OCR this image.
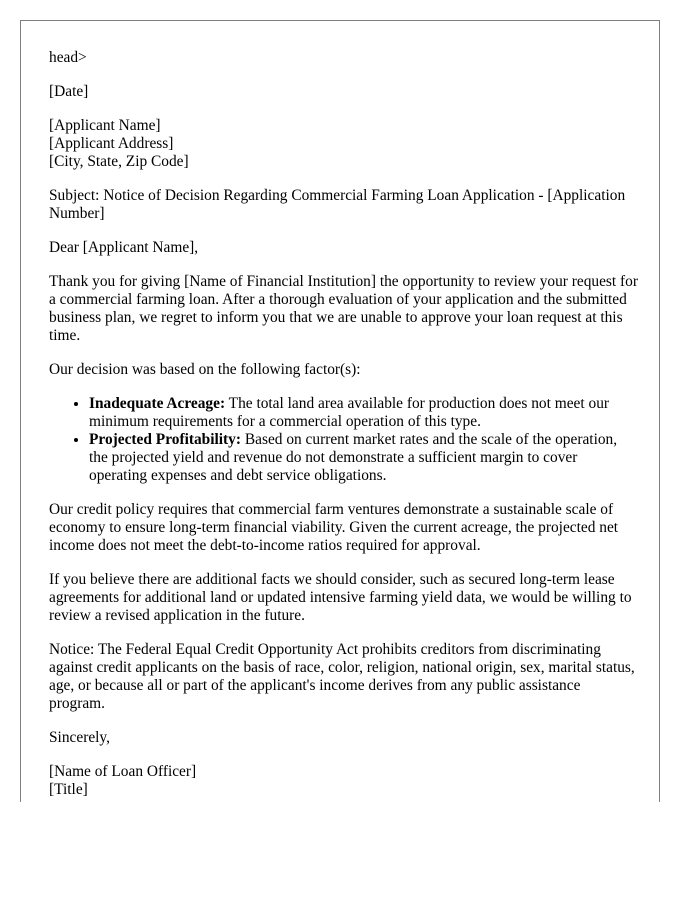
head>

[Date]

[Applicant Name]
[Applicant Address]
[City, State, Zip Code]

Subject: Notice of Decision Regarding Commercial Farming Loan Application - [Application Number]

Dear [Applicant Name],

Thank you for giving [Name of Financial Institution] the opportunity to review your request for a commercial farming loan. After a thorough evaluation of your application and the submitted business plan, we regret to inform you that we are unable to approve your loan request at this time.

Our decision was based on the following factor(s):

• Inadequate Acreage: The total land area available for production does not meet our minimum requirements for a commercial operation of this type.
• Projected Profitability: Based on current market rates and the scale of the operation, the projected yield and revenue do not demonstrate a sufficient margin to cover operating expenses and debt service obligations.

Our credit policy requires that commercial farm ventures demonstrate a sustainable scale of economy to ensure long-term financial viability. Given the current acreage, the projected net income does not meet the debt-to-income ratios required for approval.

If you believe there are additional facts we should consider, such as secured long-term lease agreements for additional land or updated intensive farming yield data, we would be willing to review a revised application in the future.

Notice: The Federal Equal Credit Opportunity Act prohibits creditors from discriminating against credit applicants on the basis of race, color, religion, national origin, sex, marital status, age, or because all or part of the applicant's income derives from any public assistance program.

Sincerely,

[Name of Loan Officer]
[Title]
